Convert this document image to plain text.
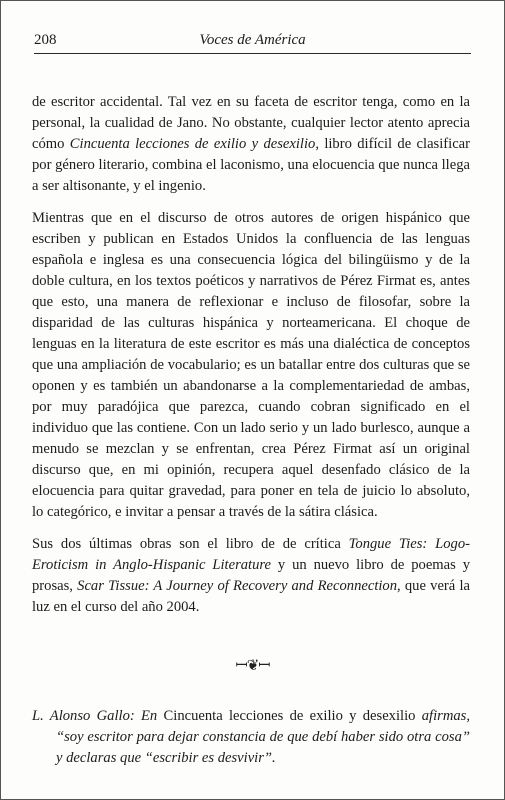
208	Voces de América

de escritor accidental. Tal vez en su faceta de escritor tenga, como en la personal, la cualidad de Jano. No obstante, cualquier lector atento aprecia cómo Cincuenta lecciones de exilio y desexilio, libro difícil de clasificar por género literario, combina el laconismo, una elocuencia que nunca llega a ser altisonante, y el ingenio.

Mientras que en el discurso de otros autores de origen hispánico que escriben y publican en Estados Unidos la confluencia de las lenguas española e inglesa es una consecuencia lógica del bilingüismo y de la doble cultura, en los textos poéticos y narrativos de Pérez Firmat es, antes que esto, una manera de reflexionar e incluso de filosofar, sobre la disparidad de las culturas hispánica y norteamericana. El choque de lenguas en la literatura de este escritor es más una dialéctica de conceptos que una ampliación de vocabulario; es un batallar entre dos culturas que se oponen y es también un abandonarse a la complementariedad de ambas, por muy paradójica que parezca, cuando cobran significado en el individuo que las contiene. Con un lado serio y un lado burlesco, aunque a menudo se mezclan y se enfrentan, crea Pérez Firmat así un original discurso que, en mi opinión, recupera aquel desenfado clásico de la elocuencia para quitar gravedad, para poner en tela de juicio lo absoluto, lo categórico, e invitar a pensar a través de la sátira clásica.

Sus dos últimas obras son el libro de de crítica Tongue Ties: Logo-Eroticism in Anglo-Hispanic Literature y un nuevo libro de poemas y prosas, Scar Tissue: A Journey of Recovery and Reconnection, que verá la luz en el curso del año 2004.

ꟷ❦ꟷ

L. Alonso Gallo: En Cincuenta lecciones de exilio y desexilio afirmas, “soy escritor para dejar constancia de que debí haber sido otra cosa” y declaras que “escribir es desvivir”.
